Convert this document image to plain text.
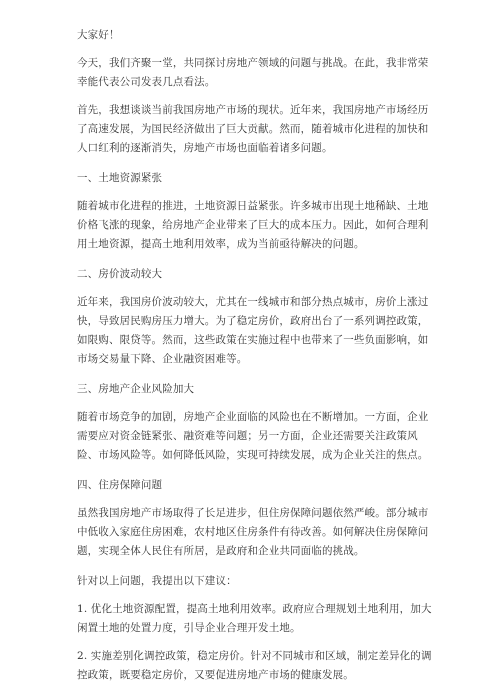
大家好！

今天，我们齐聚一堂，共同探讨房地产领域的问题与挑战。在此，我非常荣幸能代表公司发表几点看法。

首先，我想谈谈当前我国房地产市场的现状。近年来，我国房地产市场经历了高速发展，为国民经济做出了巨大贡献。然而，随着城市化进程的加快和人口红利的逐渐消失，房地产市场也面临着诸多问题。

一、土地资源紧张

随着城市化进程的推进，土地资源日益紧张。许多城市出现土地稀缺、土地价格飞涨的现象，给房地产企业带来了巨大的成本压力。因此，如何合理利用土地资源，提高土地利用效率，成为当前亟待解决的问题。

二、房价波动较大

近年来，我国房价波动较大，尤其在一线城市和部分热点城市，房价上涨过快，导致居民购房压力增大。为了稳定房价，政府出台了一系列调控政策，如限购、限贷等。然而，这些政策在实施过程中也带来了一些负面影响，如市场交易量下降、企业融资困难等。

三、房地产企业风险加大

随着市场竞争的加剧，房地产企业面临的风险也在不断增加。一方面，企业需要应对资金链紧张、融资难等问题；另一方面，企业还需要关注政策风险、市场风险等。如何降低风险，实现可持续发展，成为企业关注的焦点。

四、住房保障问题

虽然我国房地产市场取得了长足进步，但住房保障问题依然严峻。部分城市中低收入家庭住房困难，农村地区住房条件有待改善。如何解决住房保障问题，实现全体人民住有所居，是政府和企业共同面临的挑战。

针对以上问题，我提出以下建议：

1. 优化土地资源配置，提高土地利用效率。政府应合理规划土地利用，加大闲置土地的处置力度，引导企业合理开发土地。

2. 实施差别化调控政策，稳定房价。针对不同城市和区域，制定差异化的调控政策，既要稳定房价，又要促进房地产市场的健康发展。
